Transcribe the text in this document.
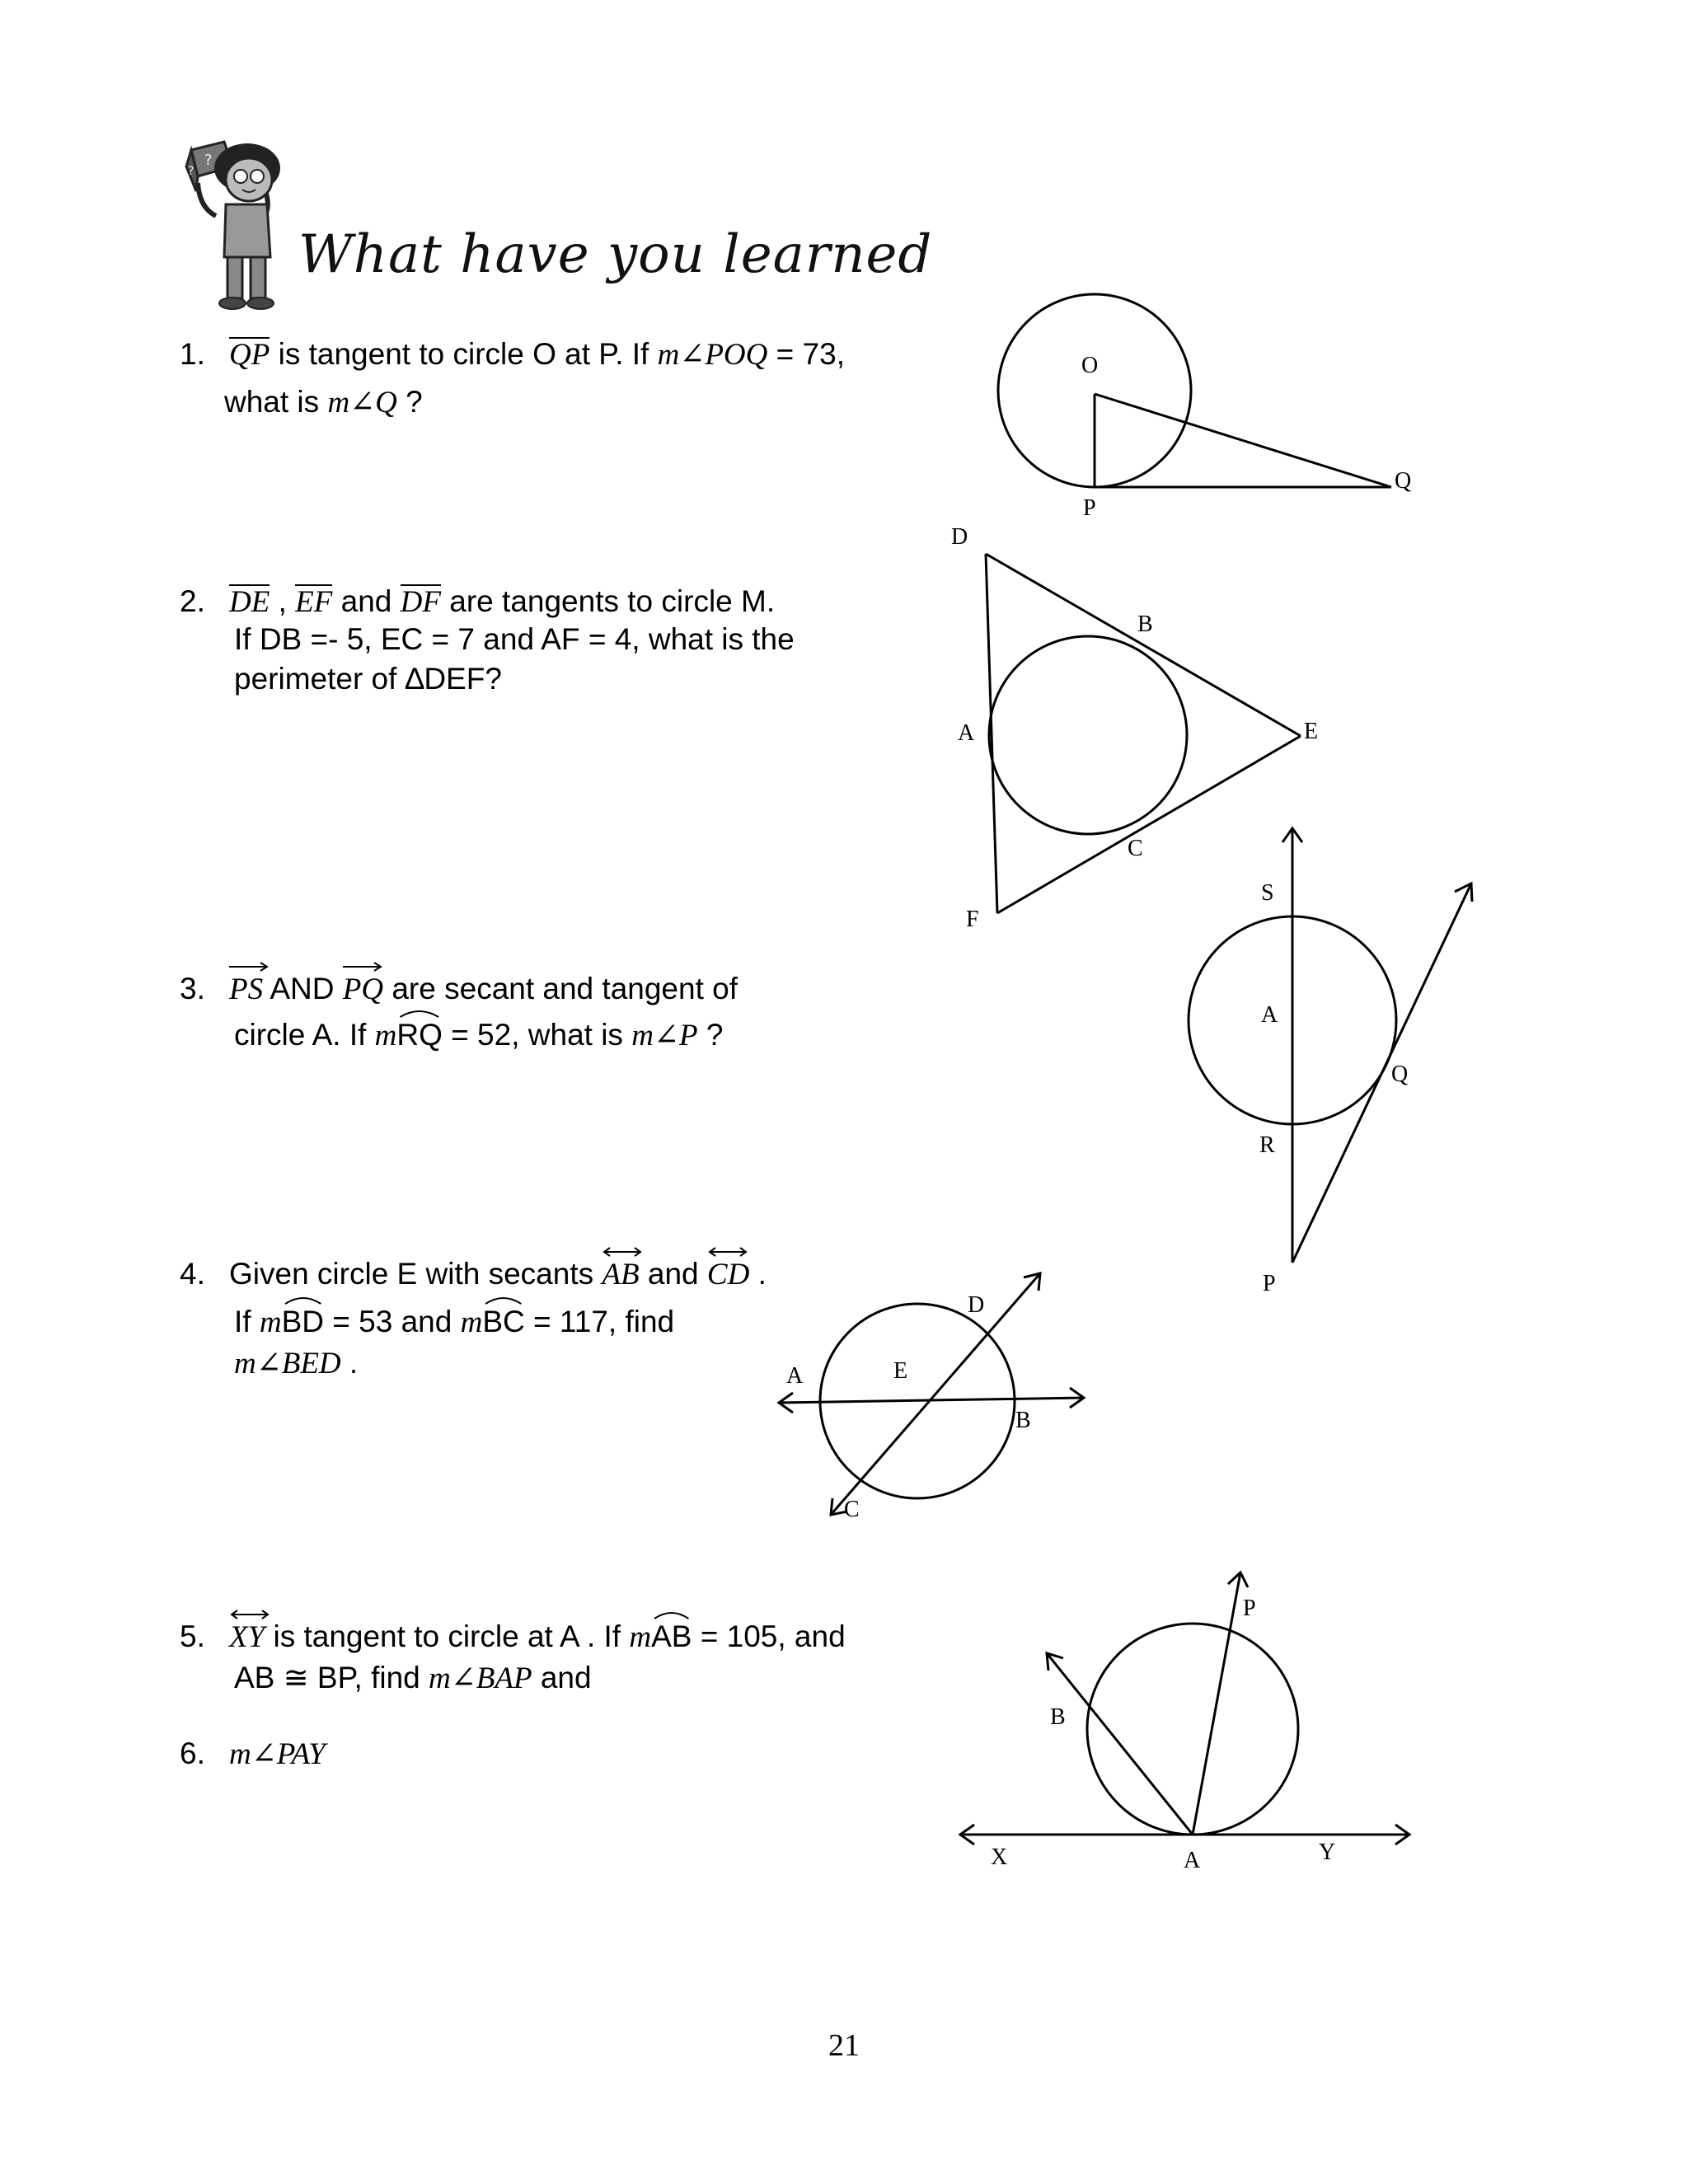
?
?
What have you learned
1. QP is tangent to circle O at P. If m∠POQ = 73,
what is m∠Q ?
O
P
Q
2. DE , EF and DF are tangents to circle M.
If DB =- 5, EC = 7 and AF = 4, what is the
perimeter of ∆DEF?
D
B
E
A
C
F
3. PS AND
PQ are secant and tangent of
circle A. If m
RQ = 52, what is m∠P ?
S
A
Q
R
P
4. Given circle E with secants
AB and
CD .
If m
BD = 53 and m
BC = 117, find
m∠BED .	A
B
C
D
E
5. XY is tangent to circle at A . If m
AB = 105, and
AB ≅ BP, find m∠BAP and
6. m∠PAY
P
B
X	A	Y
21
